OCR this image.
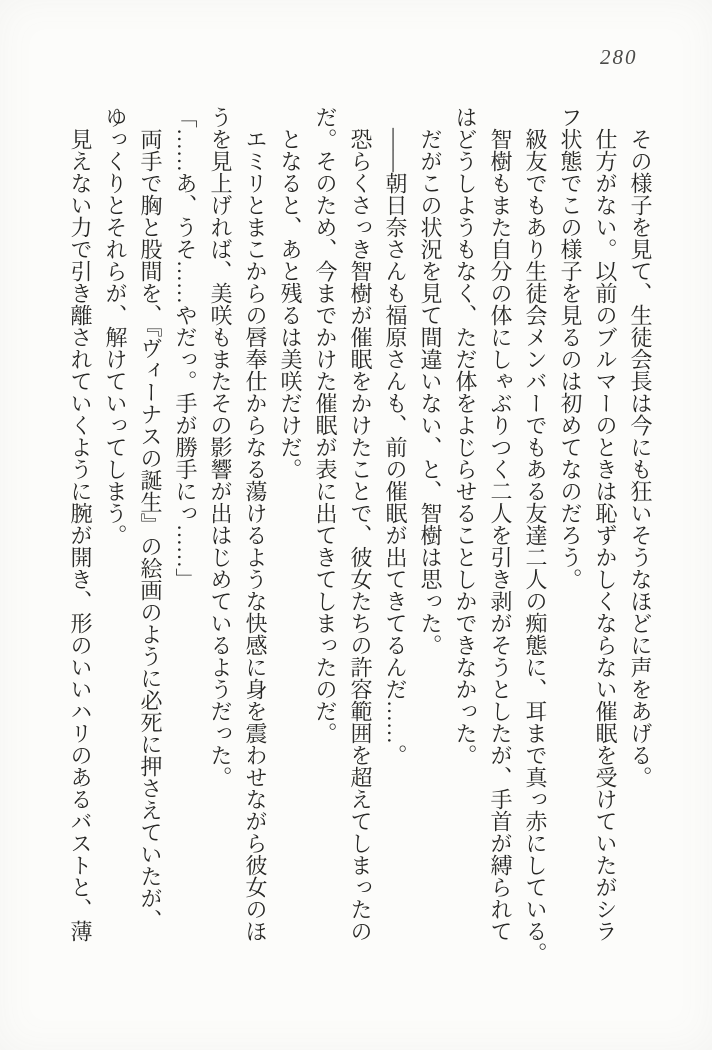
280

その様子を見て、生徒会長は今にも狂いそうなほどに声をあげる。

仕方がない。以前のブルマーのときは恥ずかしくならない催眠を受けていたがシラ

フ状態でこの様子を見るのは初めてなのだろう。

級友でもあり生徒会メンバーでもある友達二人の痴態に、耳まで真っ赤にしている。

智樹もまた自分の体にしゃぶりつく二人を引き剥がそうとしたが、手首が縛られて

はどうしようもなく、ただ体をよじらせることしかできなかった。

だがこの状況を見て間違いない、と、智樹は思った。

――朝日奈さんも福原さんも、前の催眠が出てきてるんだ……。

恐らくさっき智樹が催眠をかけたことで、彼女たちの許容範囲を超えてしまったの

だ。そのため、今までかけた催眠が表に出てきてしまったのだ。

となると、あと残るは美咲だけだ。

エミリとまこからの唇奉仕からなる蕩けるような快感に身を震わせながら彼女のほ

うを見上げれば、美咲もまたその影響が出はじめているようだった。

「……あ、うそ……やだっ。手が勝手にっ……」

両手で胸と股間を、『ヴィーナスの誕生』の絵画のように必死に押さえていたが、

ゆっくりとそれらが、解けていってしまう。

見えない力で引き離されていくように腕が開き、形のいいハリのあるバストと、薄
